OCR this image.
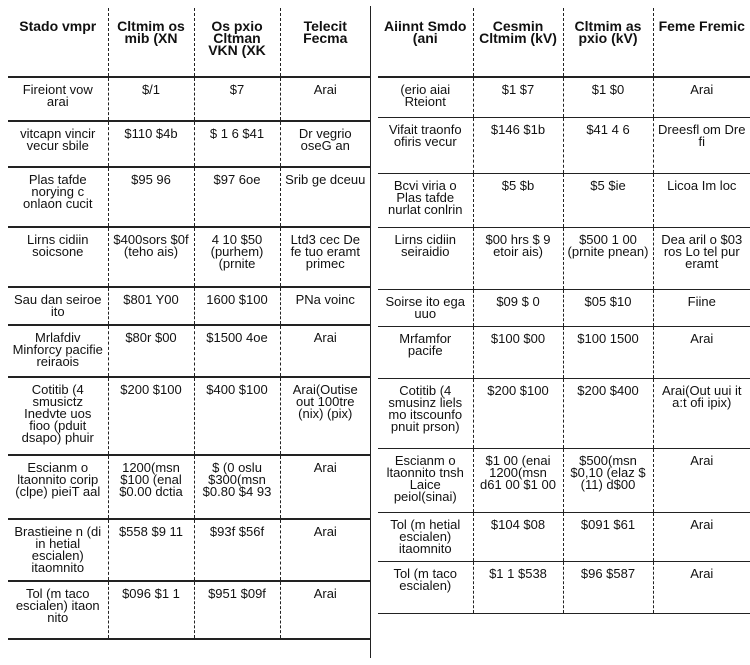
Stado vmpr	Cltmim os mib (XN	Os pxio Cltman VKN (XK	Telecit Fecma
Fireiont vow arai	$/1	$7	Arai
vitcapn vincir vecur sbile	$110 $4b	$ 1 6 $41	Dr vegrio oseG an
Plas tafde norying c onlaon cucit	$95 96	$97 6oe	Srib ge dceuu
Lirns cidiin soicsone	$400sors $0f (teho ais)	4 10 $50 (purhem) (prnite	Ltd3 cec De fe tuo eramt primec
Sau dan seiroe ito	$801 Y00	1600 $100	PNa voinc
Mrlafdiv Minforcy pacifie reiraois	$80r $00	$1500 4oe	Arai
Cotitib (4 smusictz Inedvte uos fioo (pduit dsapo) phuir	$200 $100	$400 $100	Arai(Outise out 100tre (nix) (pix)
Escianm o ltaonnito corip (clpe) pieiT aal	1200(msn $100 (enal $0.00 dctia	$ (0 oslu $300(msn $0.80 $4 93	Arai
Brastieine n (di in hetial escialen) itaomnito	$558 $9 11	$93f $56f	Arai
Tol (m taco escialen) itaon nito	$096 $1 1	$951 $09f	Arai
Aiinnt Smdo (ani	Cesmin Cltmim (kV)	Cltmim as pxio (kV)	Feme Fremic
(erio aiai Rteiont	$1 $7	$1 $0	Arai
Vifait traonfo ofiris vecur	$146 $1b	$41 4 6	Dreesfl om Dre fi
Bcvi viria o Plas tafde nurlat conlrin	$5 $b	$5 $ie	Licoa Im loc
Lirns cidiin seiraidio	$00 hrs $ 9 etoir ais)	$500 1 00 (prnite pnean)	Dea aril o $03 ros Lo tel pur eramt
Soirse ito ega uuo	$09 $ 0	$05 $10	Fiine
Mrfamfor pacife	$100 $00	$100 1500	Arai
Cotitib (4 smusinz liels mo itscounfo pnuit prson)	$200 $100	$200 $400	Arai(Out uui it a:t ofi ipix)
Escianm o ltaonnito tnsh Laice peiol(sinai)	$1 00 (enai 1200(msn d61 00 $1 00	$500(msn $0,10 (elaz $ (11) d$00	Arai
Tol (m hetial escialen) itaomnito	$104 $08	$091 $61	Arai
Tol (m taco escialen)	$1 1 $538	$96 $587	Arai
